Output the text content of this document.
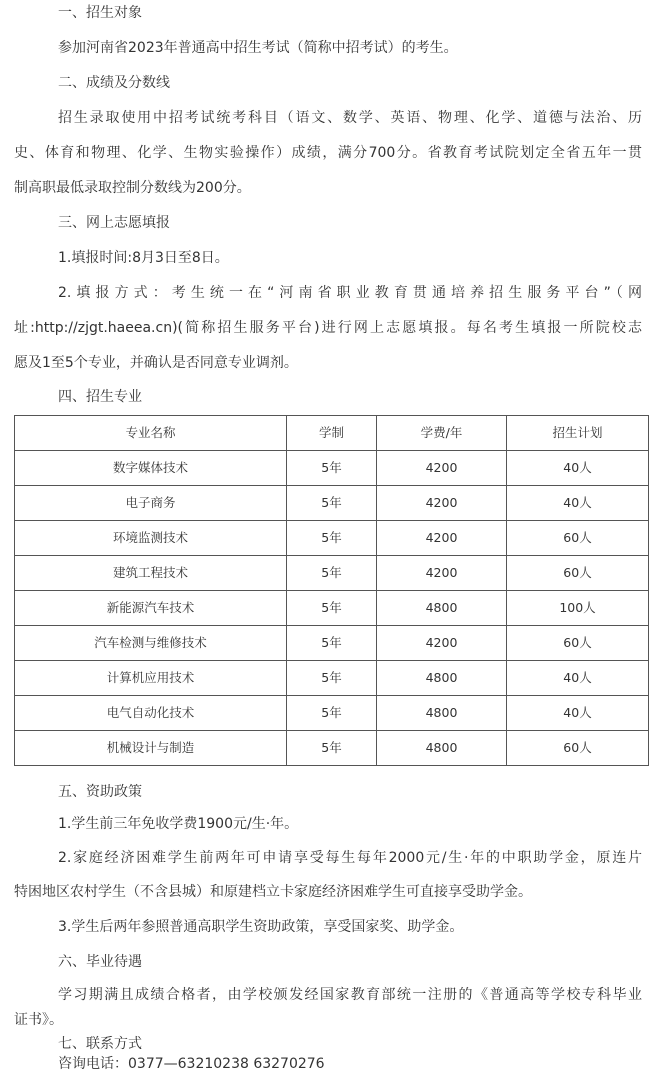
一、招生对象
参加河南省2023年普通高中招生考试（简称中招考试）的考生。
二、成绩及分数线
招生录取使用中招考试统考科目（语文、数学、英语、物理、化学、道德与法治、历
史、体育和物理、化学、生物实验操作）成绩，满分700分。省教育考试院划定全省五年一贯
制高职最低录取控制分数线为200分。
三、网上志愿填报
1.填报时间:8月3日至8日。
2.填报方式：考生统一在“河南省职业教育贯通培养招生服务平台”（网
址:http://zjgt.haeea.cn)(简称招生服务平台)进行网上志愿填报。每名考生填报一所院校志
愿及1至5个专业，并确认是否同意专业调剂。
四、招生专业
专业名称	学制	学费/年	招生计划
数字媒体技术	5年	4200	40人
电子商务	5年	4200	40人
环境监测技术	5年	4200	60人
建筑工程技术	5年	4200	60人
新能源汽车技术	5年	4800	100人
汽车检测与维修技术	5年	4200	60人
计算机应用技术	5年	4800	40人
电气自动化技术	5年	4800	40人
机械设计与制造	5年	4800	60人
五、资助政策
1.学生前三年免收学费1900元/生·年。
2.家庭经济困难学生前两年可申请享受每生每年2000元/生·年的中职助学金，原连片
特困地区农村学生（不含县城）和原建档立卡家庭经济困难学生可直接享受助学金。
3.学生后两年参照普通高职学生资助政策，享受国家奖、助学金。
六、毕业待遇
学习期满且成绩合格者，由学校颁发经国家教育部统一注册的《普通高等学校专科毕业
证书》。
七、联系方式
咨询电话：0377—63210238 63270276
